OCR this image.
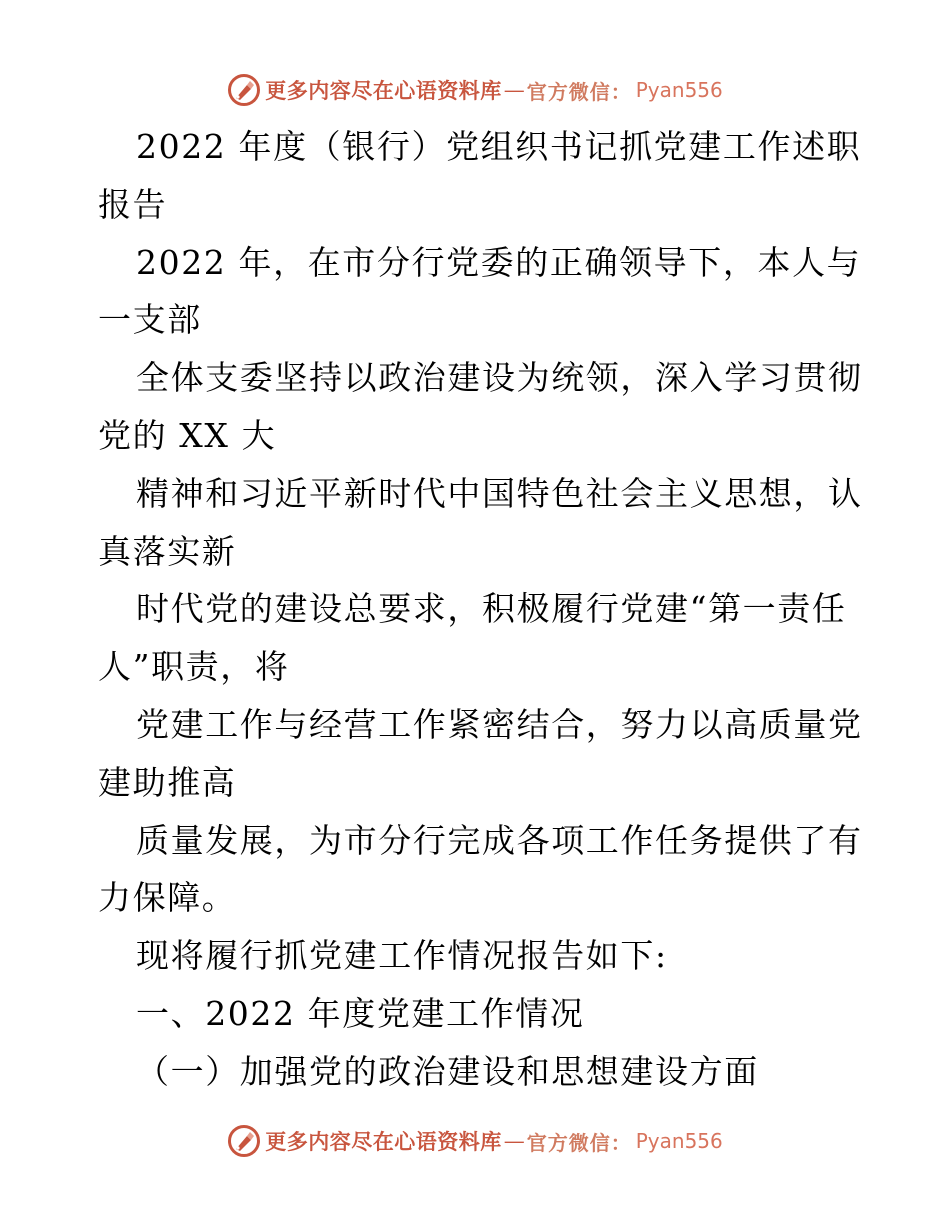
更多内容尽在心语资料库 — 官方微信： Pyan556
2022 年度（银行）党组织书记抓党建工作述职
报告
2022 年，在市分行党委的正确领导下，本人与
一支部
全体支委坚持以政治建设为统领，深入学习贯彻
党的 XX 大
精神和习近平新时代中国特色社会主义思想，认
真落实新
时代党的建设总要求，积极履行党建“第一责任
人”职责，将
党建工作与经营工作紧密结合，努力以高质量党
建助推高
质量发展，为市分行完成各项工作任务提供了有
力保障。
现将履行抓党建工作情况报告如下:
一、2022 年度党建工作情况
（一）加强党的政治建设和思想建设方面
更多内容尽在心语资料库 — 官方微信： Pyan556
